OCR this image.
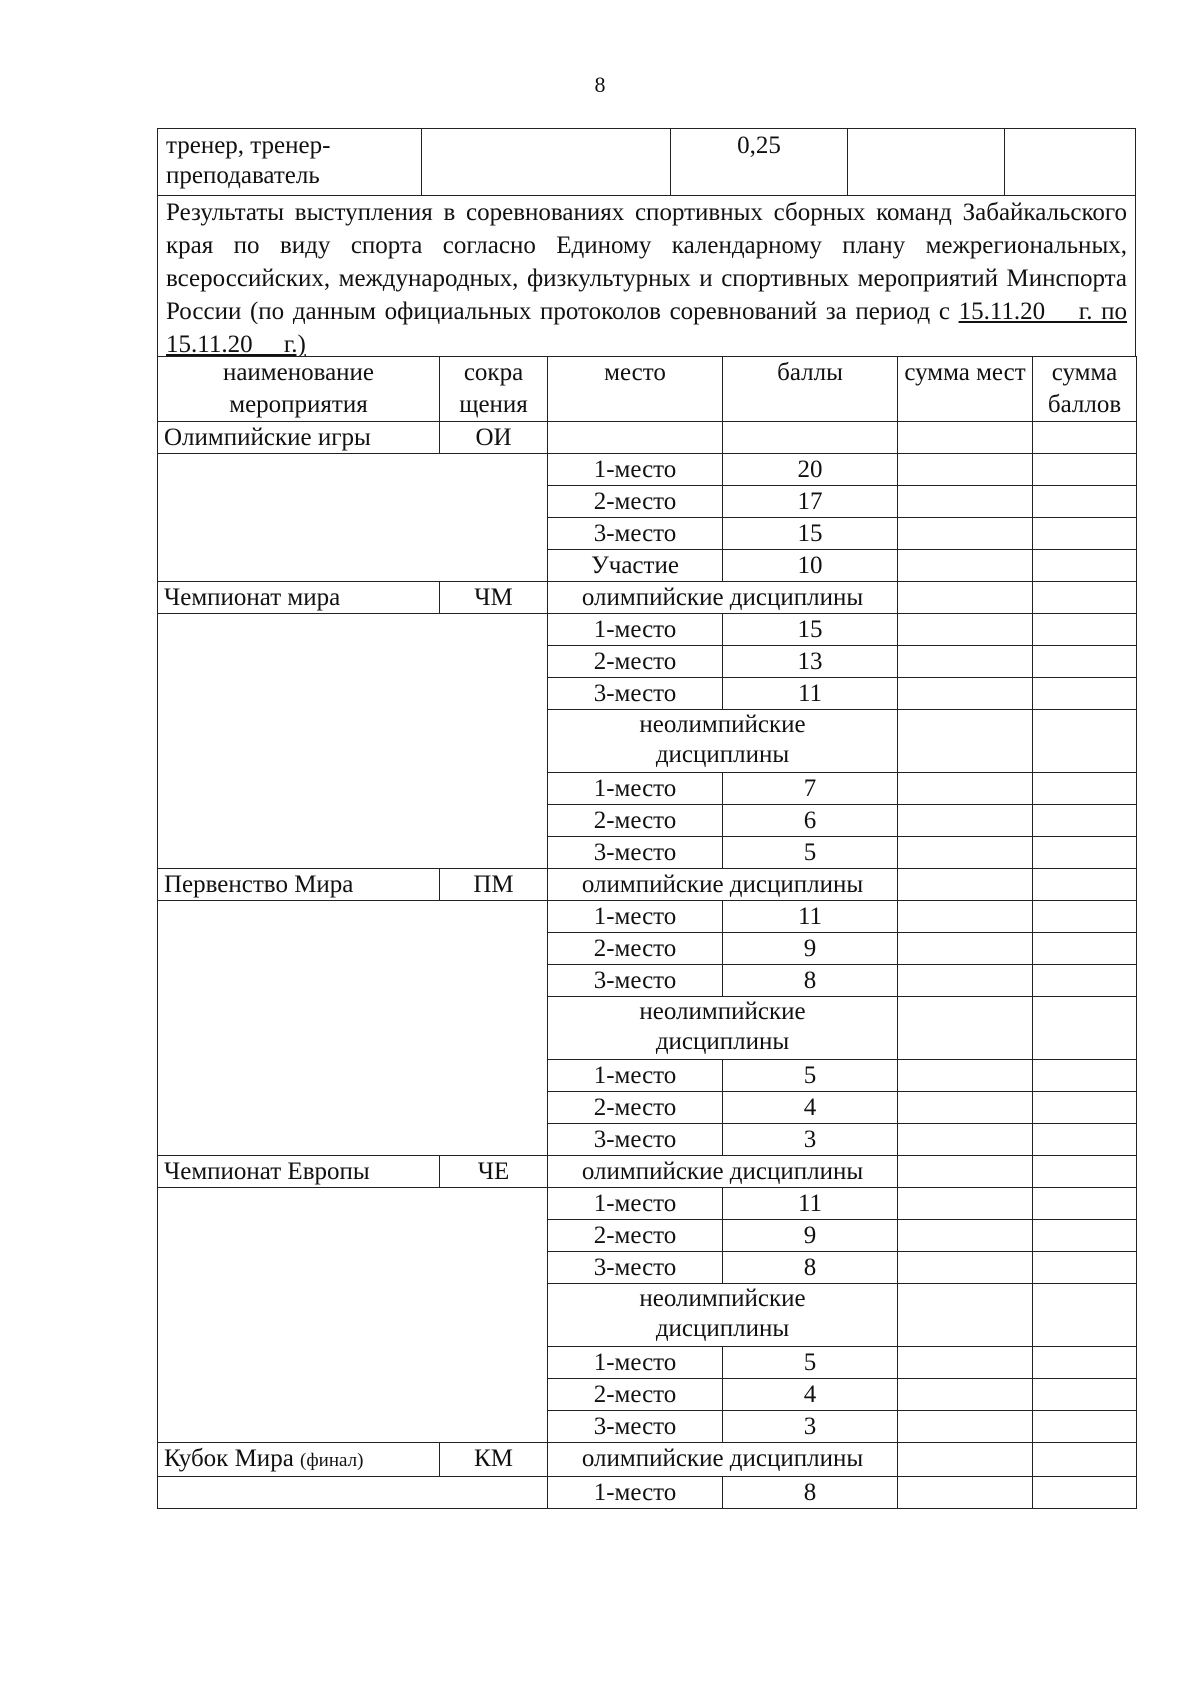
8
тренер, тренер-
преподаватель		0,25		
Результаты выступления в соревнованиях спортивных сборных команд Забайкальского края по виду спорта согласно Единому календарному плану межрегиональных, всероссийских, международных, физкультурных и спортивных мероприятий Минспорта России (по данным официальных протоколов соревнований за период с 15.11.20__ г. по 15.11.20__ г.)
наименование мероприятия	сокра щения	место	баллы	сумма мест	сумма баллов
Олимпийские игры	ОИ				
		1-место	20		
		2-место	17		
		3-место	15		
		Участие	10		
Чемпионат мира	ЧМ	олимпийские дисциплины			
		1-место	15		
		2-место	13		
		3-место	11		
		неолимпийские дисциплины			
		1-место	7		
		2-место	6		
		3-место	5		
Первенство Мира	ПМ	олимпийские дисциплины			
		1-место	11		
		2-место	9		
		3-место	8		
		неолимпийские дисциплины			
		1-место	5		
		2-место	4		
		3-место	3		
Чемпионат Европы	ЧЕ	олимпийские дисциплины			
		1-место	11		
		2-место	9		
		3-место	8		
		неолимпийские дисциплины			
		1-место	5		
		2-место	4		
		3-место	3		
Кубок Мира (финал)	КМ	олимпийские дисциплины			
		1-место	8		
